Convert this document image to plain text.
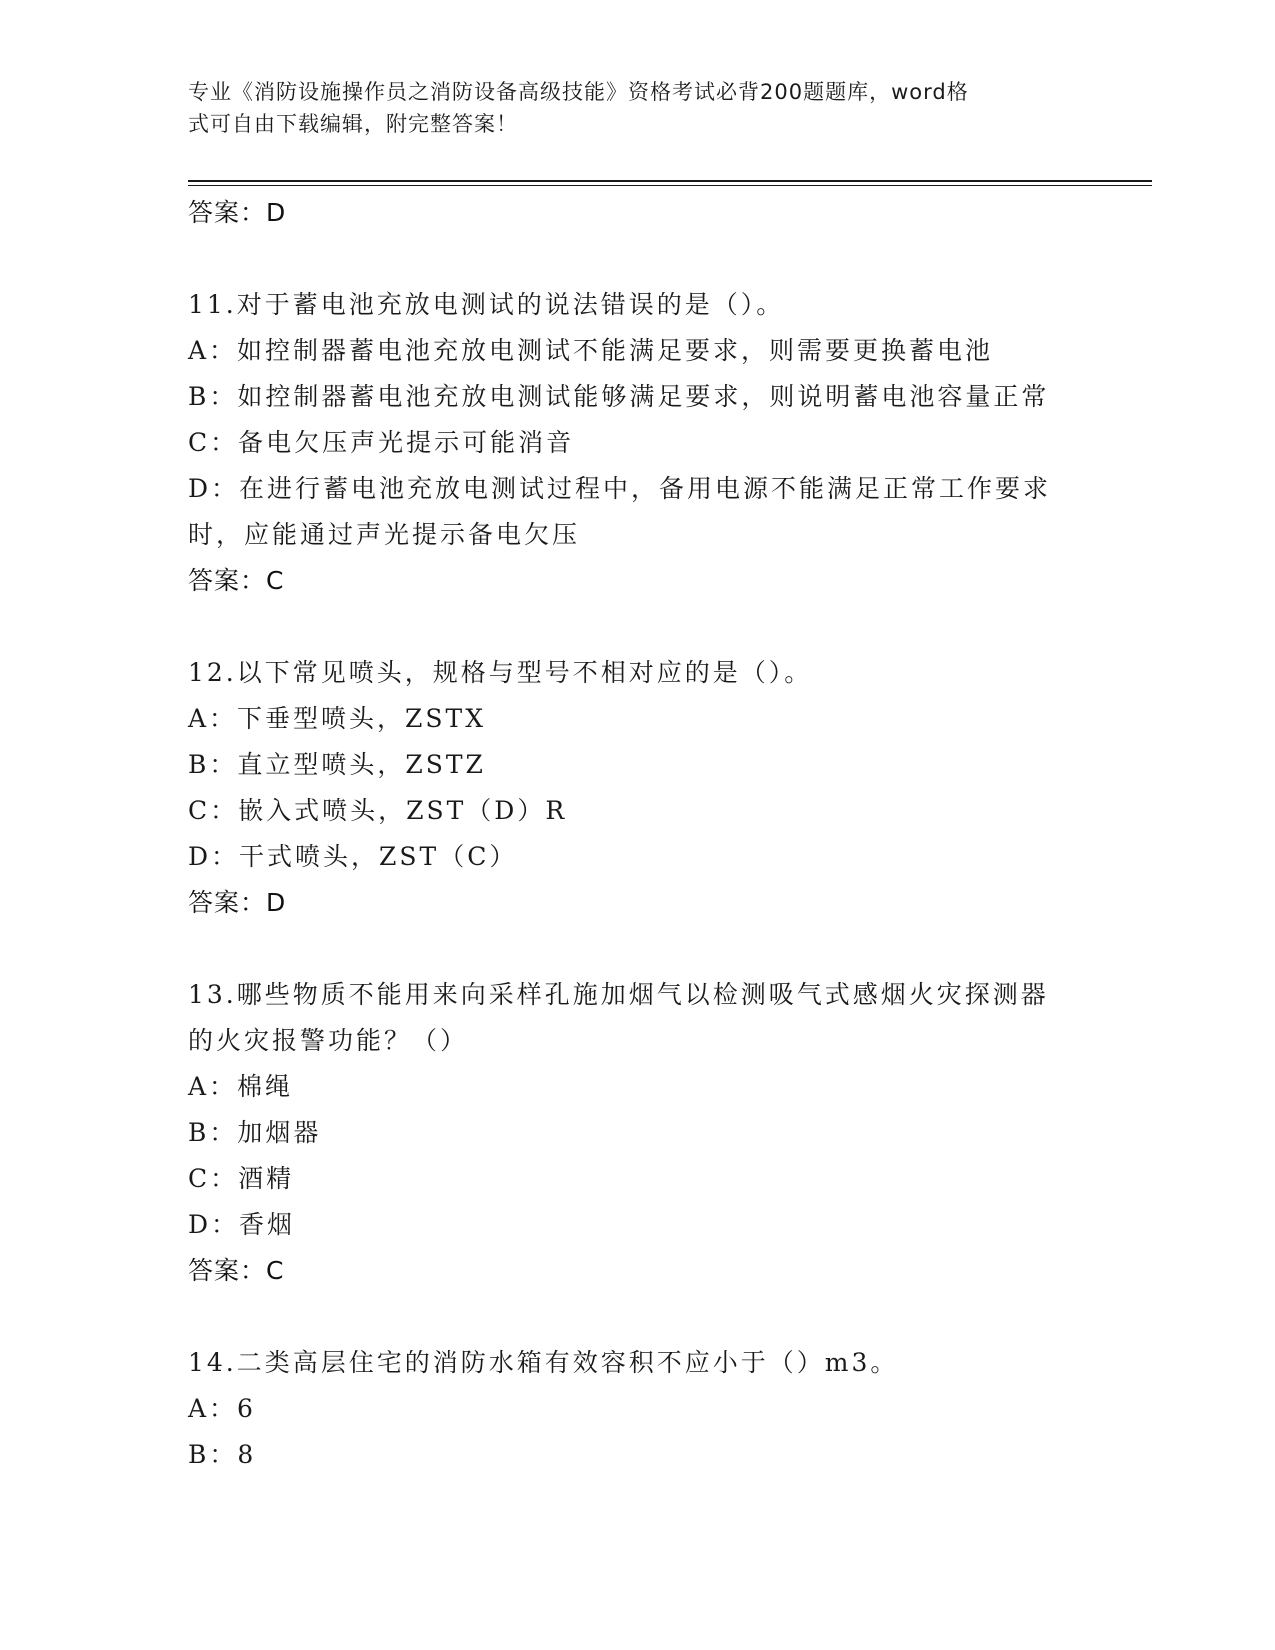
专业《消防设施操作员之消防设备高级技能》资格考试必背200题题库，word格
式可自由下载编辑，附完整答案！
答案：D
11.对于蓄电池充放电测试的说法错误的是（）。
A：如控制器蓄电池充放电测试不能满足要求，则需要更换蓄电池
B：如控制器蓄电池充放电测试能够满足要求，则说明蓄电池容量正常
C：备电欠压声光提示可能消音
D：在进行蓄电池充放电测试过程中，备用电源不能满足正常工作要求
时，应能通过声光提示备电欠压
答案：C
12.以下常见喷头，规格与型号不相对应的是（）。
A：下垂型喷头，ZSTX
B：直立型喷头，ZSTZ
C：嵌入式喷头，ZST（D）R
D：干式喷头，ZST（C）
答案：D
13.哪些物质不能用来向采样孔施加烟气以检测吸气式感烟火灾探测器
的火灾报警功能？（）
A：棉绳
B：加烟器
C：酒精
D：香烟
答案：C
14.二类高层住宅的消防水箱有效容积不应小于（）m3。
A：6
B：8
